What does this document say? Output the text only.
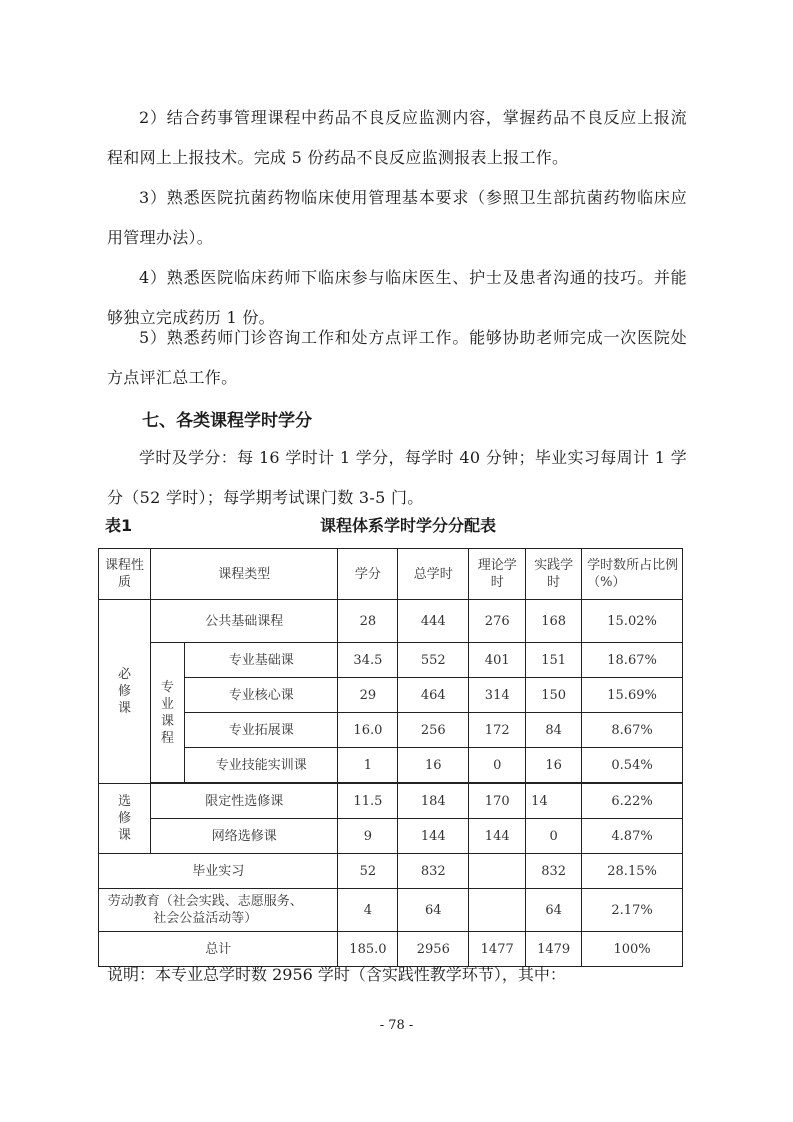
2）结合药事管理课程中药品不良反应监测内容，掌握药品不良反应上报流程和网上上报技术。完成 5 份药品不良反应监测报表上报工作。

3）熟悉医院抗菌药物临床使用管理基本要求（参照卫生部抗菌药物临床应用管理办法）。

4）熟悉医院临床药师下临床参与临床医生、护士及患者沟通的技巧。并能够独立完成药历 1 份。

5）熟悉药师门诊咨询工作和处方点评工作。能够协助老师完成一次医院处方点评汇总工作。

七、各类课程学时学分

学时及学分：每 16 学时计 1 学分，每学时 40 分钟；毕业实习每周计 1 学分（52 学时）；每学期考试课门数 3-5 门。

表1	课程体系学时学分分配表
课程性质	课程类型		学分	总学时	理论学时	实践学时	学时数所占比例（%）
必修课	公共基础课程		28	444	276	168	15.02%
	专业课程	专业基础课	34.5	552	401	151	18.67%
		专业核心课	29	464	314	150	15.69%
		专业拓展课	16.0	256	172	84	8.67%
		专业技能实训课	1	16	0	16	0.54%

选修课	限定性选修课		11.5	184	170	14	6.22%
	网络选修课		9	144	144	0	4.87%
毕业实习			52	832		832	28.15%
劳动教育（社会实践、志愿服务、社会公益活动等）			4	64		64	2.17%
总计			185.0	2956	1477	1479	100%

说明：本专业总学时数 2956 学时（含实践性教学环节），其中：

- 78 -
